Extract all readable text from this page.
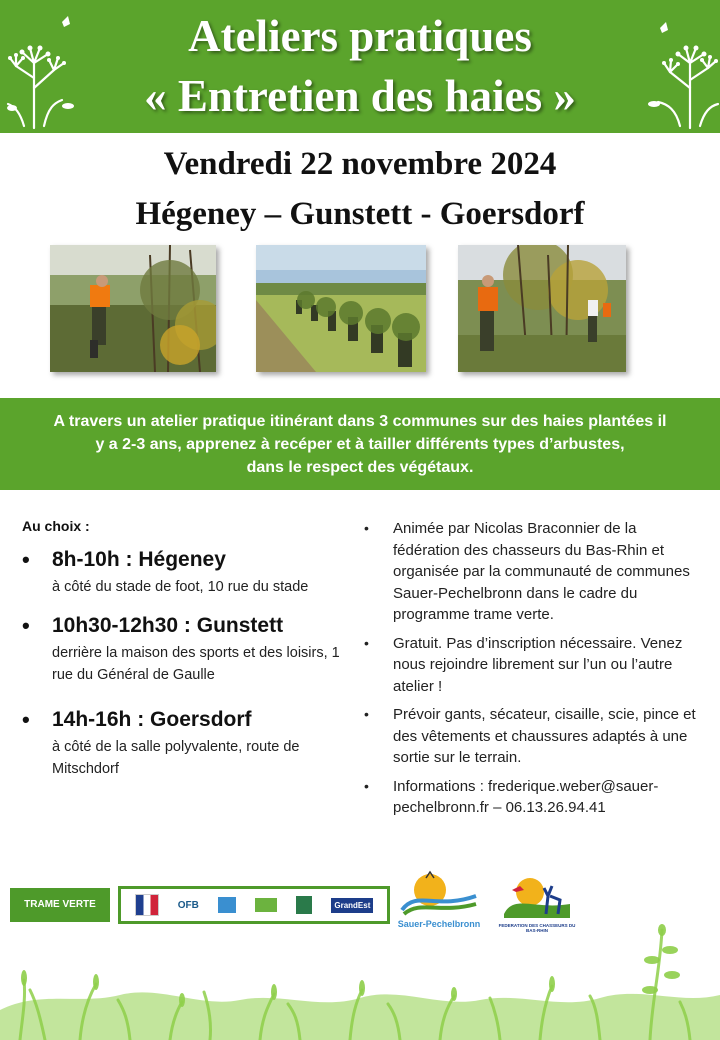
Ateliers pratiques
« Entretien des haies »
Vendredi 22 novembre 2024
Hégeney – Gunstett - Goersdorf
A travers un atelier pratique itinérant dans 3 communes sur des haies plantées il
y a 2-3 ans, apprenez à recéper et à tailler différents types d’arbustes,
dans le respect des végétaux.
Au choix :
• 8h-10h : Hégeney
à côté du stade de foot, 10 rue du stade
• 10h30-12h30 : Gunstett
derrière la maison des sports et des loisirs, 1 rue du Général de Gaulle
• 14h-16h : Goersdorf
à côté de la salle polyvalente, route de Mitschdorf
• Animée par Nicolas Braconnier de la fédération des chasseurs du Bas-Rhin et organisée par la communauté de communes Sauer-Pechelbronn dans le cadre du programme trame verte.
• Gratuit. Pas d’inscription nécessaire. Venez nous rejoindre librement sur l’un ou l’autre atelier !
• Prévoir gants, sécateur, cisaille, scie, pince et des vêtements et chaussures adaptés à une sortie sur le terrain.
• Informations : frederique.weber@sauer-pechelbronn.fr – 06.13.26.94.41
TRAME VERTE	OFB	GrandEst
Sauer-Pechelbronn	FEDERATION DES CHASSEURS DU BAS-RHIN
